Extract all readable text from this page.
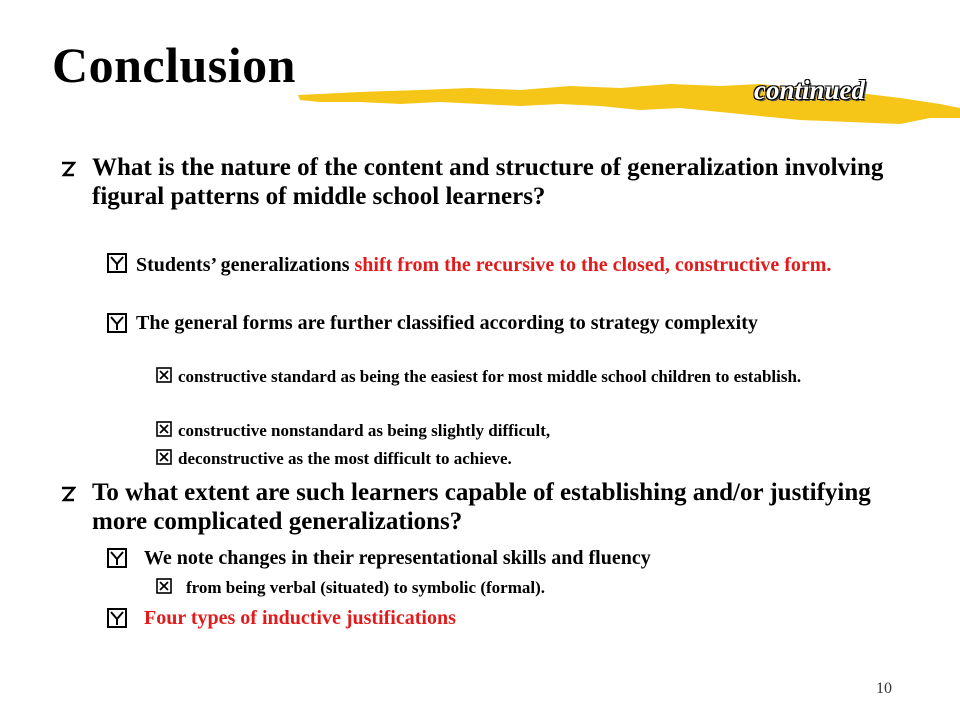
Conclusion	continued
What is the nature of the content and structure of generalization involving figural patterns of middle school learners?
Students’ generalizations shift from the recursive to the closed, constructive form.
The general forms are further classified according to strategy complexity
constructive standard as being the easiest for most middle school children to establish.
constructive nonstandard as being slightly difficult,
deconstructive as the most difficult to achieve.
To what extent are such learners capable of establishing and/or justifying more complicated generalizations?
We note changes in their representational skills and fluency
from being verbal (situated) to symbolic (formal).
Four types of inductive justifications
10
